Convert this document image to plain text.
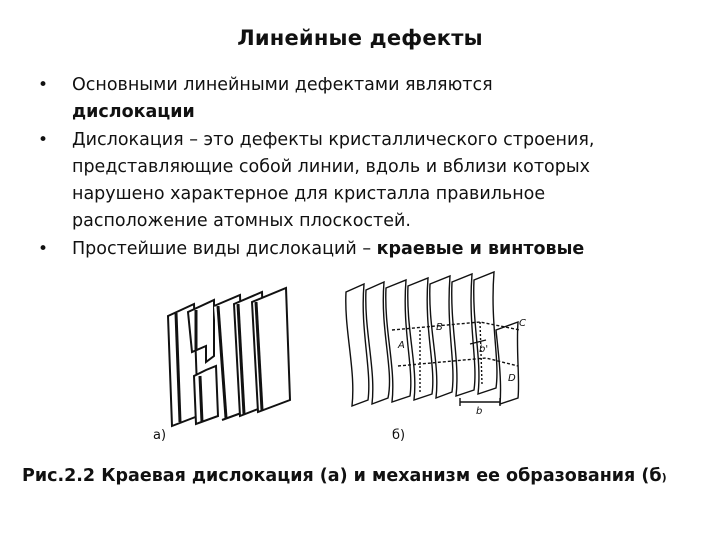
Линейные дефекты
• Основными линейными дефектами являются
дислокации
• Дислокация – это дефекты кристаллического строения, представляющие собой линии, вдоль и вблизи которых нарушено характерное для кристалла правильное расположение атомных плоскостей.
• Простейшие виды дислокаций – краевые и винтовые
B
A
C
D
b'
b
а)	б)
Рис.2.2 Краевая дислокация (а) и механизм ее образования (б)
